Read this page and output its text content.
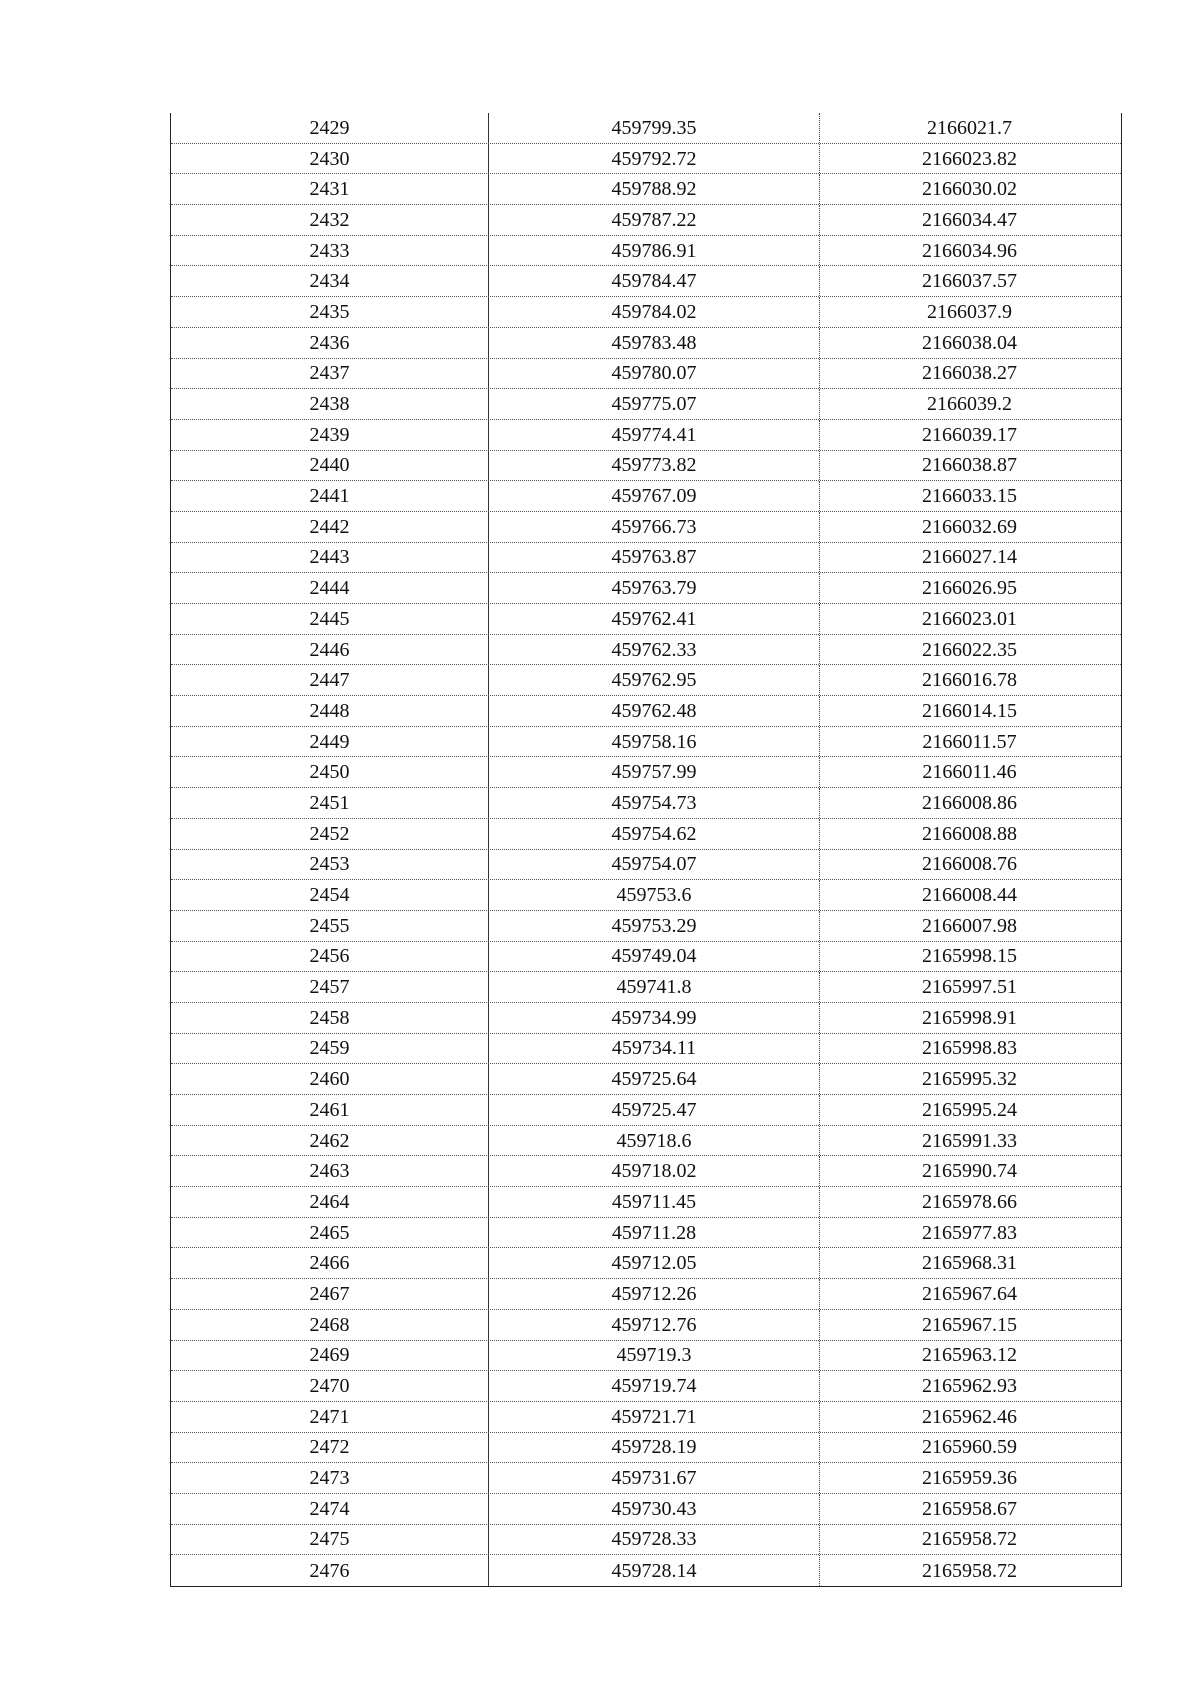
2429	459799.35	2166021.7
2430	459792.72	2166023.82
2431	459788.92	2166030.02
2432	459787.22	2166034.47
2433	459786.91	2166034.96
2434	459784.47	2166037.57
2435	459784.02	2166037.9
2436	459783.48	2166038.04
2437	459780.07	2166038.27
2438	459775.07	2166039.2
2439	459774.41	2166039.17
2440	459773.82	2166038.87
2441	459767.09	2166033.15
2442	459766.73	2166032.69
2443	459763.87	2166027.14
2444	459763.79	2166026.95
2445	459762.41	2166023.01
2446	459762.33	2166022.35
2447	459762.95	2166016.78
2448	459762.48	2166014.15
2449	459758.16	2166011.57
2450	459757.99	2166011.46
2451	459754.73	2166008.86
2452	459754.62	2166008.88
2453	459754.07	2166008.76
2454	459753.6	2166008.44
2455	459753.29	2166007.98
2456	459749.04	2165998.15
2457	459741.8	2165997.51
2458	459734.99	2165998.91
2459	459734.11	2165998.83
2460	459725.64	2165995.32
2461	459725.47	2165995.24
2462	459718.6	2165991.33
2463	459718.02	2165990.74
2464	459711.45	2165978.66
2465	459711.28	2165977.83
2466	459712.05	2165968.31
2467	459712.26	2165967.64
2468	459712.76	2165967.15
2469	459719.3	2165963.12
2470	459719.74	2165962.93
2471	459721.71	2165962.46
2472	459728.19	2165960.59
2473	459731.67	2165959.36
2474	459730.43	2165958.67
2475	459728.33	2165958.72
2476	459728.14	2165958.72
